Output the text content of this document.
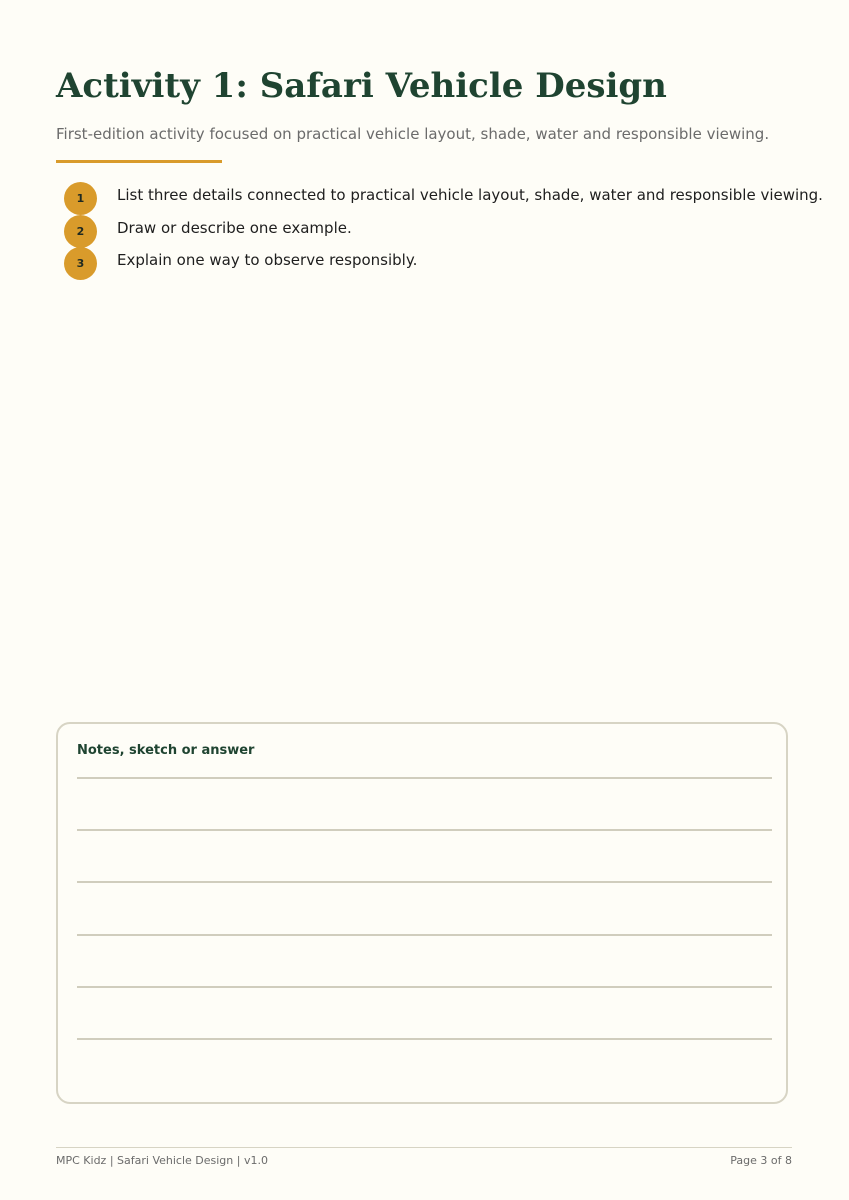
Activity 1: Safari Vehicle Design

First-edition activity focused on practical vehicle layout, shade, water and responsible viewing.

1	List three details connected to practical vehicle layout, shade, water and responsible viewing.
2	Draw or describe one example.
3	Explain one way to observe responsibly.
Notes, sketch or answer
MPC Kidz | Safari Vehicle Design | v1.0	Page 3 of 8
